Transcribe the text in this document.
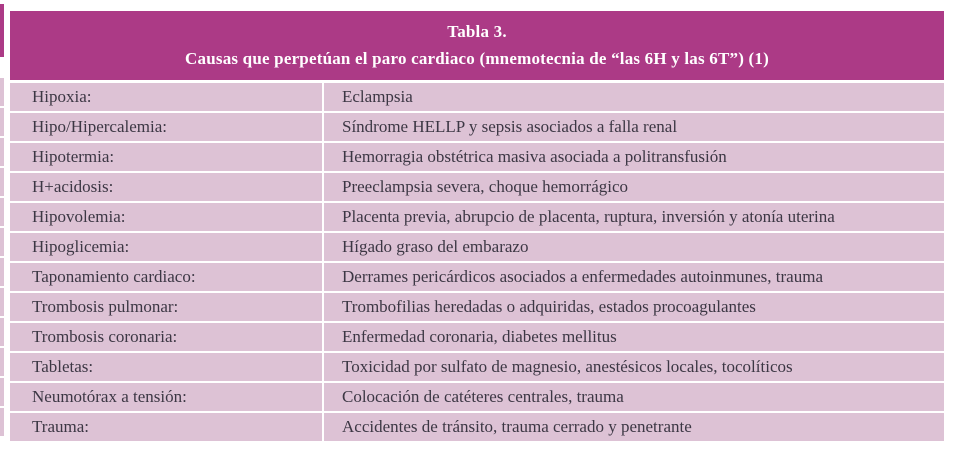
Tabla 3.
Causas que perpetúan el paro cardiaco (mnemotecnia de “las 6H y las 6T”) (1)
Hipoxia:	Eclampsia
Hipo/Hipercalemia:	Síndrome HELLP y sepsis asociados a falla renal
Hipotermia:	Hemorragia obstétrica masiva asociada a politransfusión
H+acidosis:	Preeclampsia severa, choque hemorrágico
Hipovolemia:	Placenta previa, abrupcio de placenta, ruptura, inversión y atonía uterina
Hipoglicemia:	Hígado graso del embarazo
Taponamiento cardiaco:	Derrames pericárdicos asociados a enfermedades autoinmunes, trauma
Trombosis pulmonar:	Trombofilias heredadas o adquiridas, estados procoagulantes
Trombosis coronaria:	Enfermedad coronaria, diabetes mellitus
Tabletas:	Toxicidad por sulfato de magnesio, anestésicos locales, tocolíticos
Neumotórax a tensión:	Colocación de catéteres centrales, trauma
Trauma:	Accidentes de tránsito, trauma cerrado y penetrante
